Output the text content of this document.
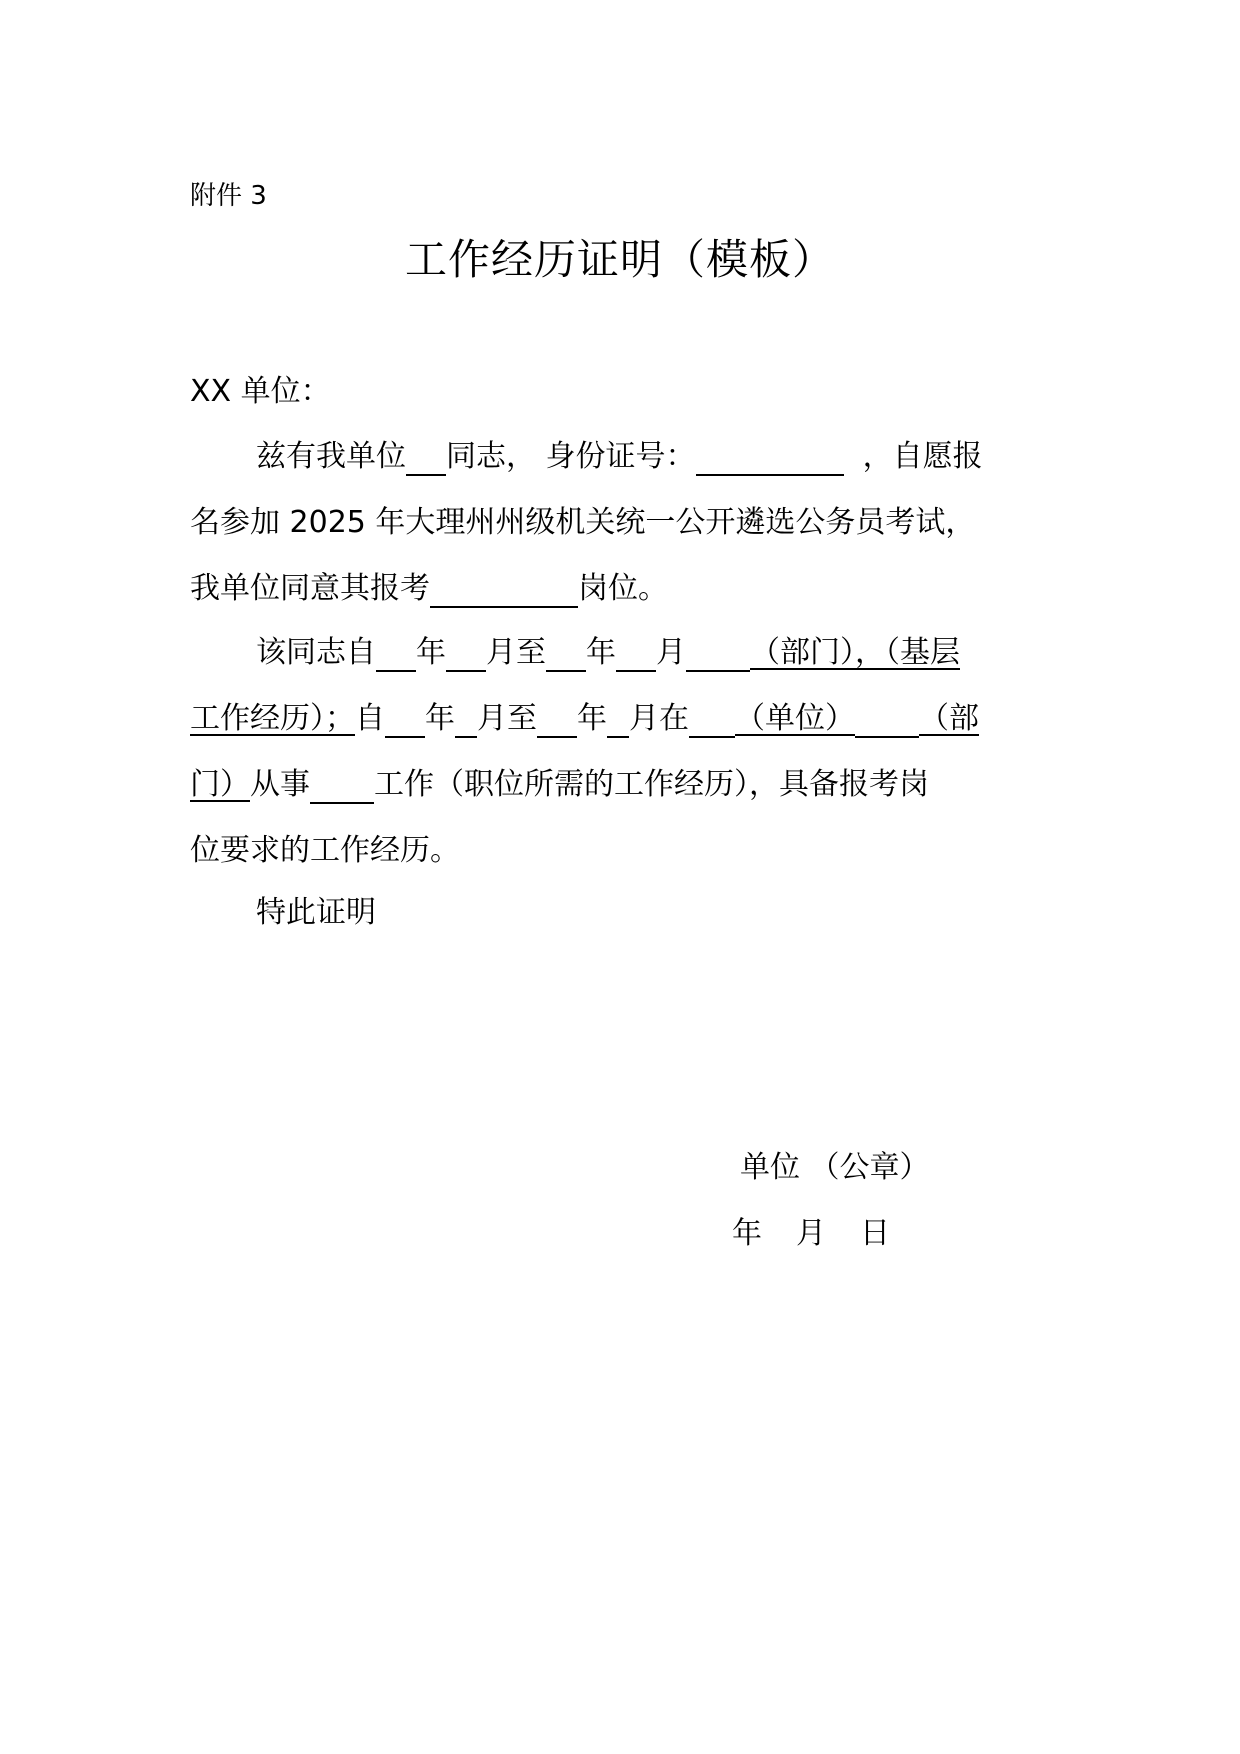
附件 3
工作经历证明（模板）
XX 单位：
兹有我单位 同志， 身份证号：	，自愿报
名参加 2025 年大理州州级机关统一公开遴选公务员考试，
我单位同意其报考	岗位。
该同志自 年 月至 年 月 （部门），（基层
工作经历）；自 年 月至 年 月在 （单位） （部
门）从事 工作（职位所需的工作经历），具备报考岗
位要求的工作经历。
特此证明
单位 （公章）
年 月 日
